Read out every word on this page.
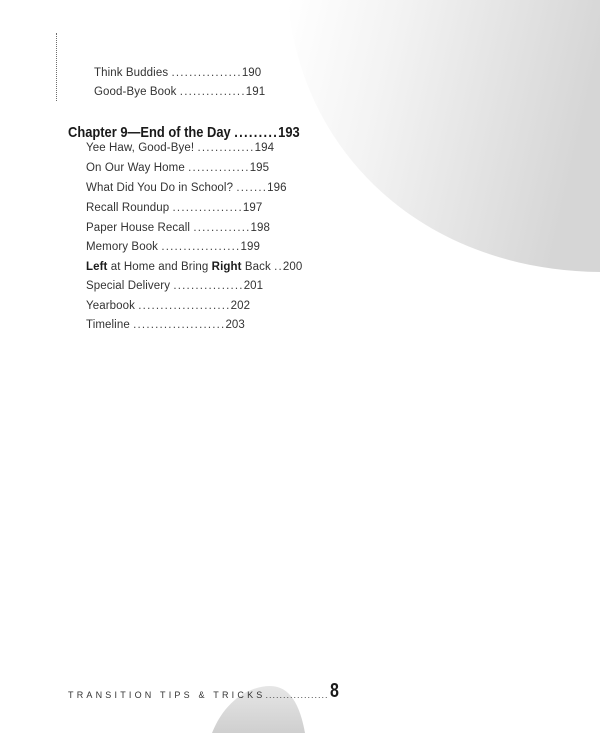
Think Buddies ................190
Good-Bye Book ...............191
Chapter 9—End of the Day .........193
Yee Haw, Good-Bye! .............194
On Our Way Home ..............195
What Did You Do in School? .......196
Recall Roundup ................197
Paper House Recall .............198
Memory Book ..................199
Left at Home and Bring Right Back ..200
Special Delivery ................201
Yearbook .....................202
Timeline .....................203
TRANSITION TIPS & TRICKS .................. 8
